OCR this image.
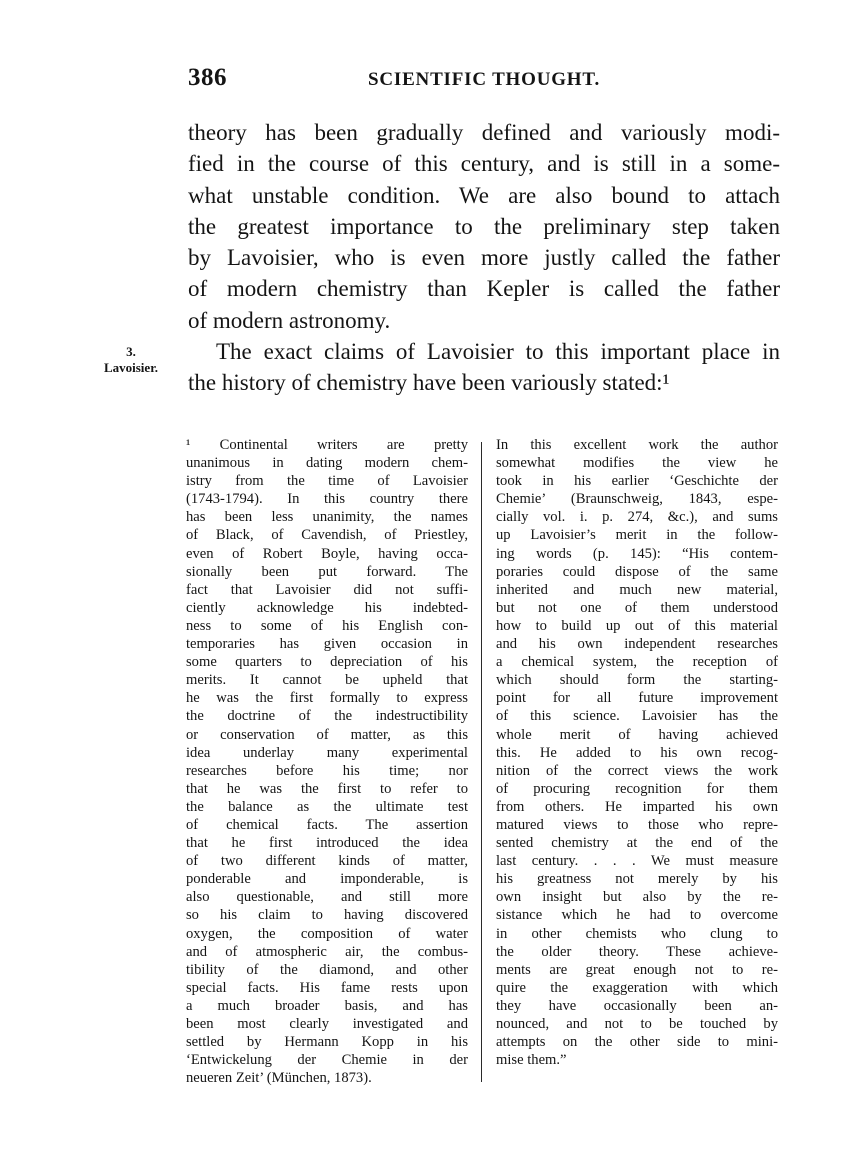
386	SCIENTIFIC THOUGHT.
theory has been gradually defined and variously modi-
fied in the course of this century, and is still in a some-
what unstable condition. We are also bound to attach
the greatest importance to the preliminary step taken
by Lavoisier, who is even more justly called the father
of modern chemistry than Kepler is called the father
of modern astronomy.
The exact claims of Lavoisier to this important place in
the history of chemistry have been variously stated:¹
3.
Lavoisier.
¹ Continental writers are pretty
unanimous in dating modern chem-
istry from the time of Lavoisier
(1743-1794). In this country there
has been less unanimity, the names
of Black, of Cavendish, of Priestley,
even of Robert Boyle, having occa-
sionally been put forward. The
fact that Lavoisier did not suffi-
ciently acknowledge his indebted-
ness to some of his English con-
temporaries has given occasion in
some quarters to depreciation of his
merits. It cannot be upheld that
he was the first formally to express
the doctrine of the indestructibility
or conservation of matter, as this
idea underlay many experimental
researches before his time; nor
that he was the first to refer to
the balance as the ultimate test
of chemical facts. The assertion
that he first introduced the idea
of two different kinds of matter,
ponderable and imponderable, is
also questionable, and still more
so his claim to having discovered
oxygen, the composition of water
and of atmospheric air, the combus-
tibility of the diamond, and other
special facts. His fame rests upon
a much broader basis, and has
been most clearly investigated and
settled by Hermann Kopp in his
‘Entwickelung der Chemie in der
neueren Zeit’ (München, 1873).
In this excellent work the author
somewhat modifies the view he
took in his earlier ‘Geschichte der
Chemie’ (Braunschweig, 1843, espe-
cially vol. i. p. 274, &c.), and sums
up Lavoisier’s merit in the follow-
ing words (p. 145): “His contem-
poraries could dispose of the same
inherited and much new material,
but not one of them understood
how to build up out of this material
and his own independent researches
a chemical system, the reception of
which should form the starting-
point for all future improvement
of this science. Lavoisier has the
whole merit of having achieved
this. He added to his own recog-
nition of the correct views the work
of procuring recognition for them
from others. He imparted his own
matured views to those who repre-
sented chemistry at the end of the
last century. . . . We must measure
his greatness not merely by his
own insight but also by the re-
sistance which he had to overcome
in other chemists who clung to
the older theory. These achieve-
ments are great enough not to re-
quire the exaggeration with which
they have occasionally been an-
nounced, and not to be touched by
attempts on the other side to mini-
mise them.”
